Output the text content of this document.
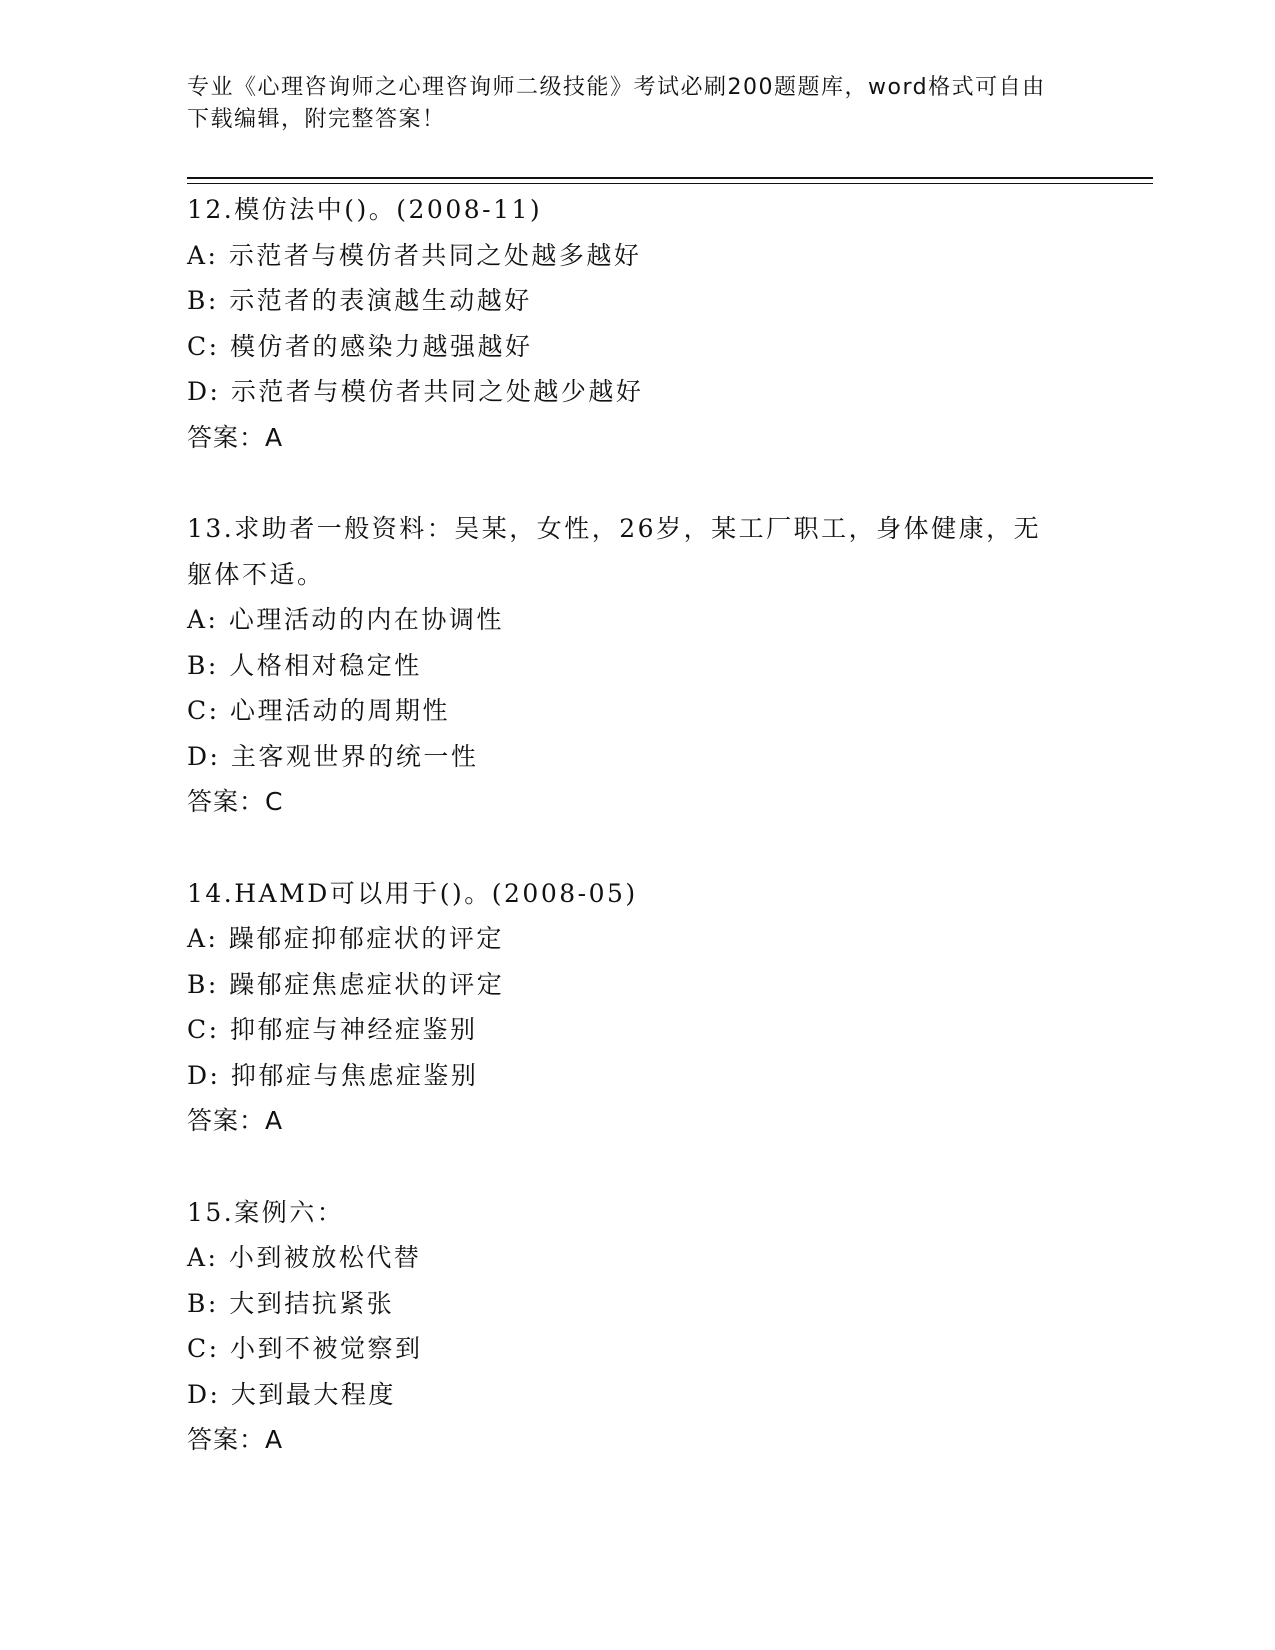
专业《心理咨询师之心理咨询师二级技能》考试必刷200题题库，word格式可自由下载编辑，附完整答案！
12.模仿法中()。(2008-11)
A: 示范者与模仿者共同之处越多越好
B: 示范者的表演越生动越好
C: 模仿者的感染力越强越好
D: 示范者与模仿者共同之处越少越好
答案：A
13.求助者一般资料：吴某，女性，26岁，某工厂职工，身体健康，无躯体不适。
A: 心理活动的内在协调性
B: 人格相对稳定性
C: 心理活动的周期性
D: 主客观世界的统一性
答案：C
14.HAMD可以用于()。(2008-05)
A: 躁郁症抑郁症状的评定
B: 躁郁症焦虑症状的评定
C: 抑郁症与神经症鉴别
D: 抑郁症与焦虑症鉴别
答案：A
15.案例六：
A: 小到被放松代替
B: 大到拮抗紧张
C: 小到不被觉察到
D: 大到最大程度
答案：A
